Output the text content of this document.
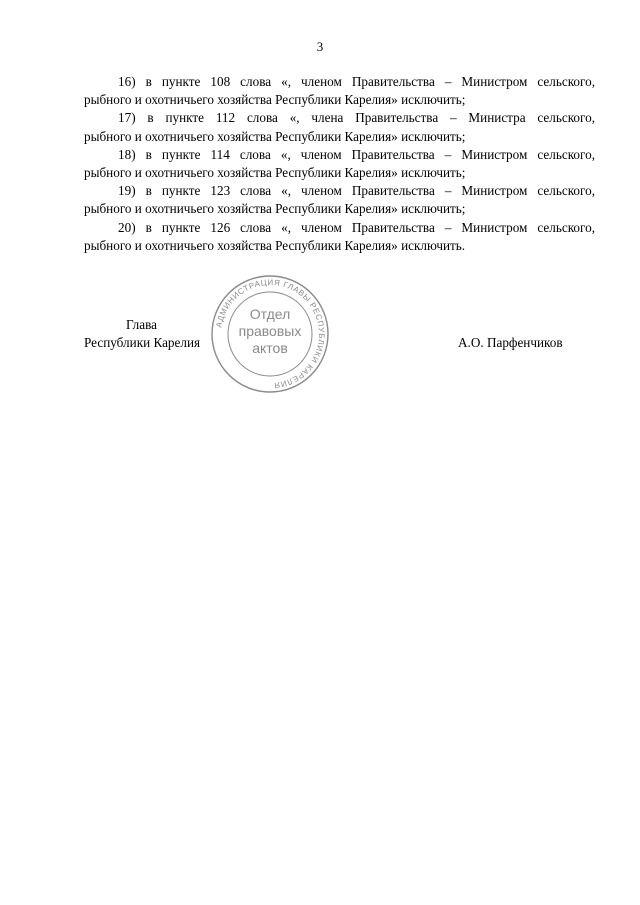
3

16) в пункте 108 слова «, членом Правительства – Министром сельского,
рыбного и охотничьего хозяйства Республики Карелия» исключить;

17) в пункте 112 слова «, члена Правительства – Министра сельского,
рыбного и охотничьего хозяйства Республики Карелия» исключить;

18) в пункте 114 слова «, членом Правительства – Министром сельского,
рыбного и охотничьего хозяйства Республики Карелия» исключить;

19) в пункте 123 слова «, членом Правительства – Министром сельского,
рыбного и охотничьего хозяйства Республики Карелия» исключить;

20) в пункте 126 слова «, членом Правительства – Министром сельского,
рыбного и охотничьего хозяйства Республики Карелия» исключить.

АДМИНИСТРАЦИЯ ГЛАВЫ РЕСПУБЛИКИ КАРЕЛИЯ
Отдел
правовых
актов
Глава
Республики Карелия	А.О. Парфенчиков
